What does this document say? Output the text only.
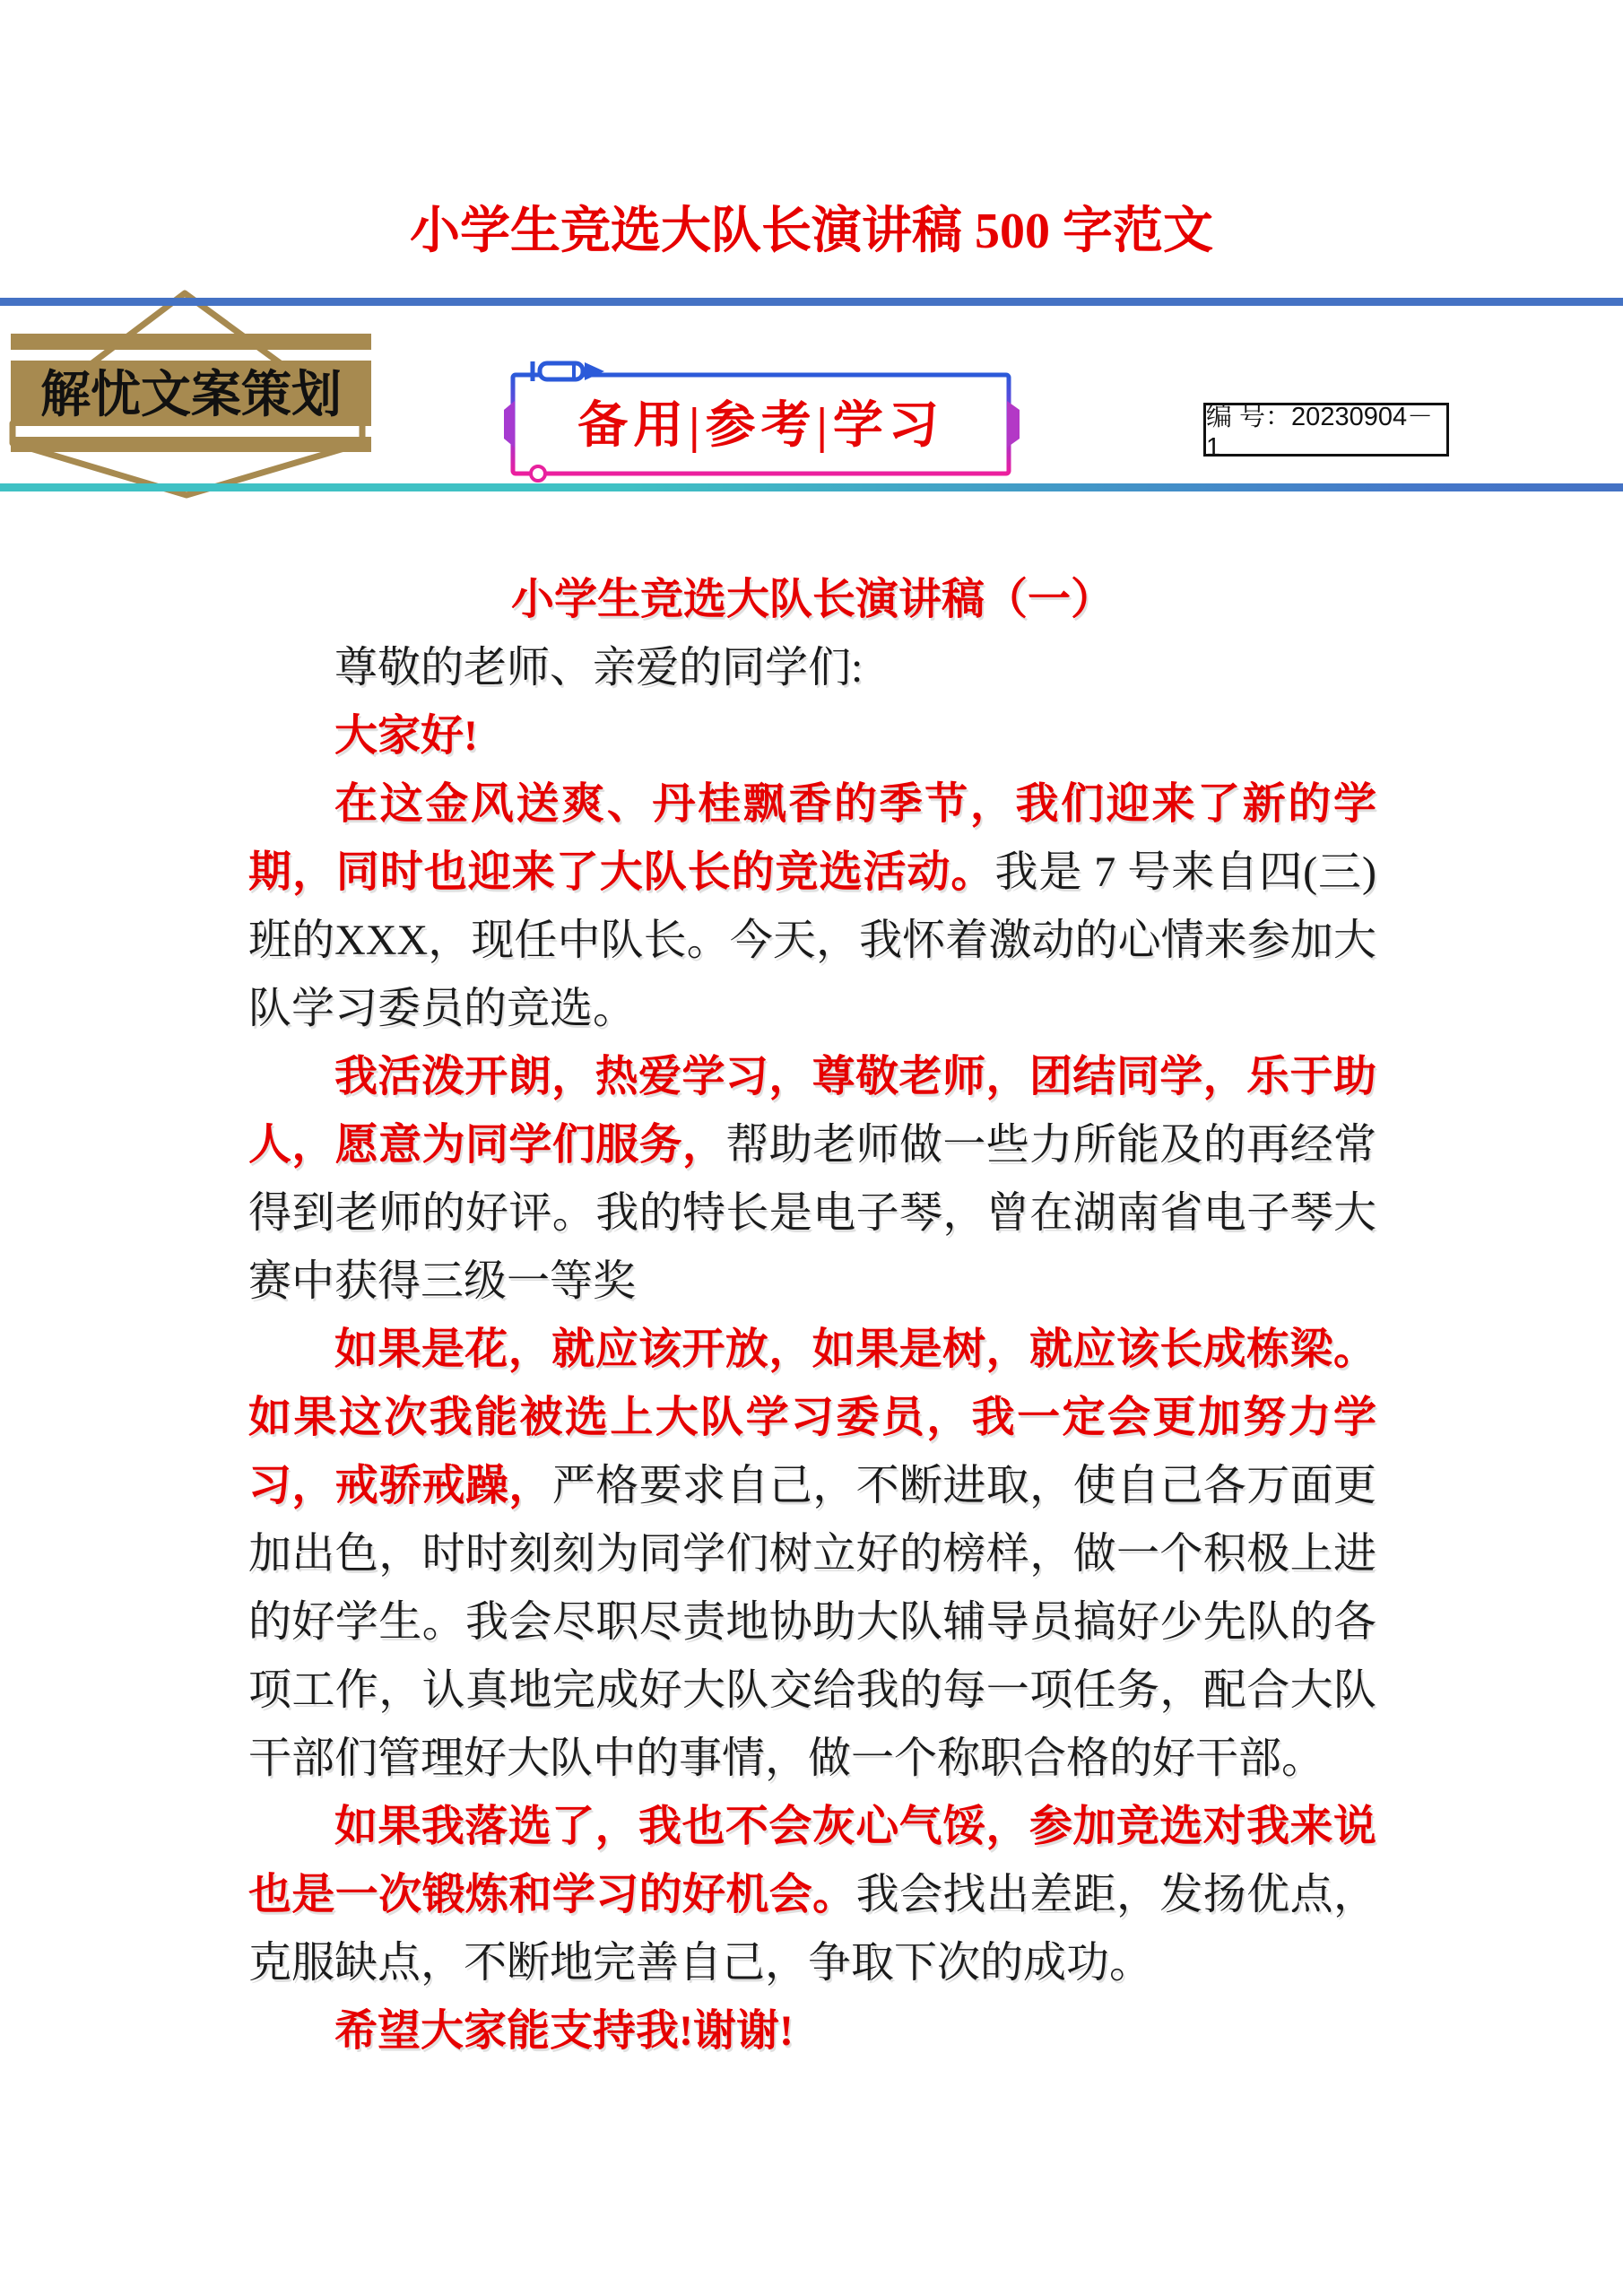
小学生竞选大队长演讲稿 500 字范文
解忧文案策划
备用|参考|学习	编 号：20230904－1
小学生竞选大队长演讲稿（一）

尊敬的老师、亲爱的同学们:

大家好!

在这金风送爽、丹桂飘香的季节，我们迎来了新的学期，同时也迎来了大队长的竞选活动。我是 7 号来自四(三)班的XXX，现任中队长。今天，我怀着激动的心情来参加大队学习委员的竞选。

我活泼开朗，热爱学习，尊敬老师，团结同学，乐于助人，愿意为同学们服务，帮助老师做一些力所能及的再经常得到老师的好评。我的特长是电子琴，曾在湖南省电子琴大赛中获得三级一等奖

如果是花，就应该开放，如果是树，就应该长成栋梁。如果这次我能被选上大队学习委员，我一定会更加努力学习，戒骄戒躁，严格要求自己，不断进取，使自己各万面更加出色，时时刻刻为同学们树立好的榜样，做一个积极上进的好学生。我会尽职尽责地协助大队辅导员搞好少先队的各项工作，认真地完成好大队交给我的每一项任务，配合大队干部们管理好大队中的事情，做一个称职合格的好干部。

如果我落选了，我也不会灰心气馁，参加竞选对我来说也是一次锻炼和学习的好机会。我会找出差距，发扬优点，克服缺点，不断地完善自己，争取下次的成功。

希望大家能支持我!谢谢!
